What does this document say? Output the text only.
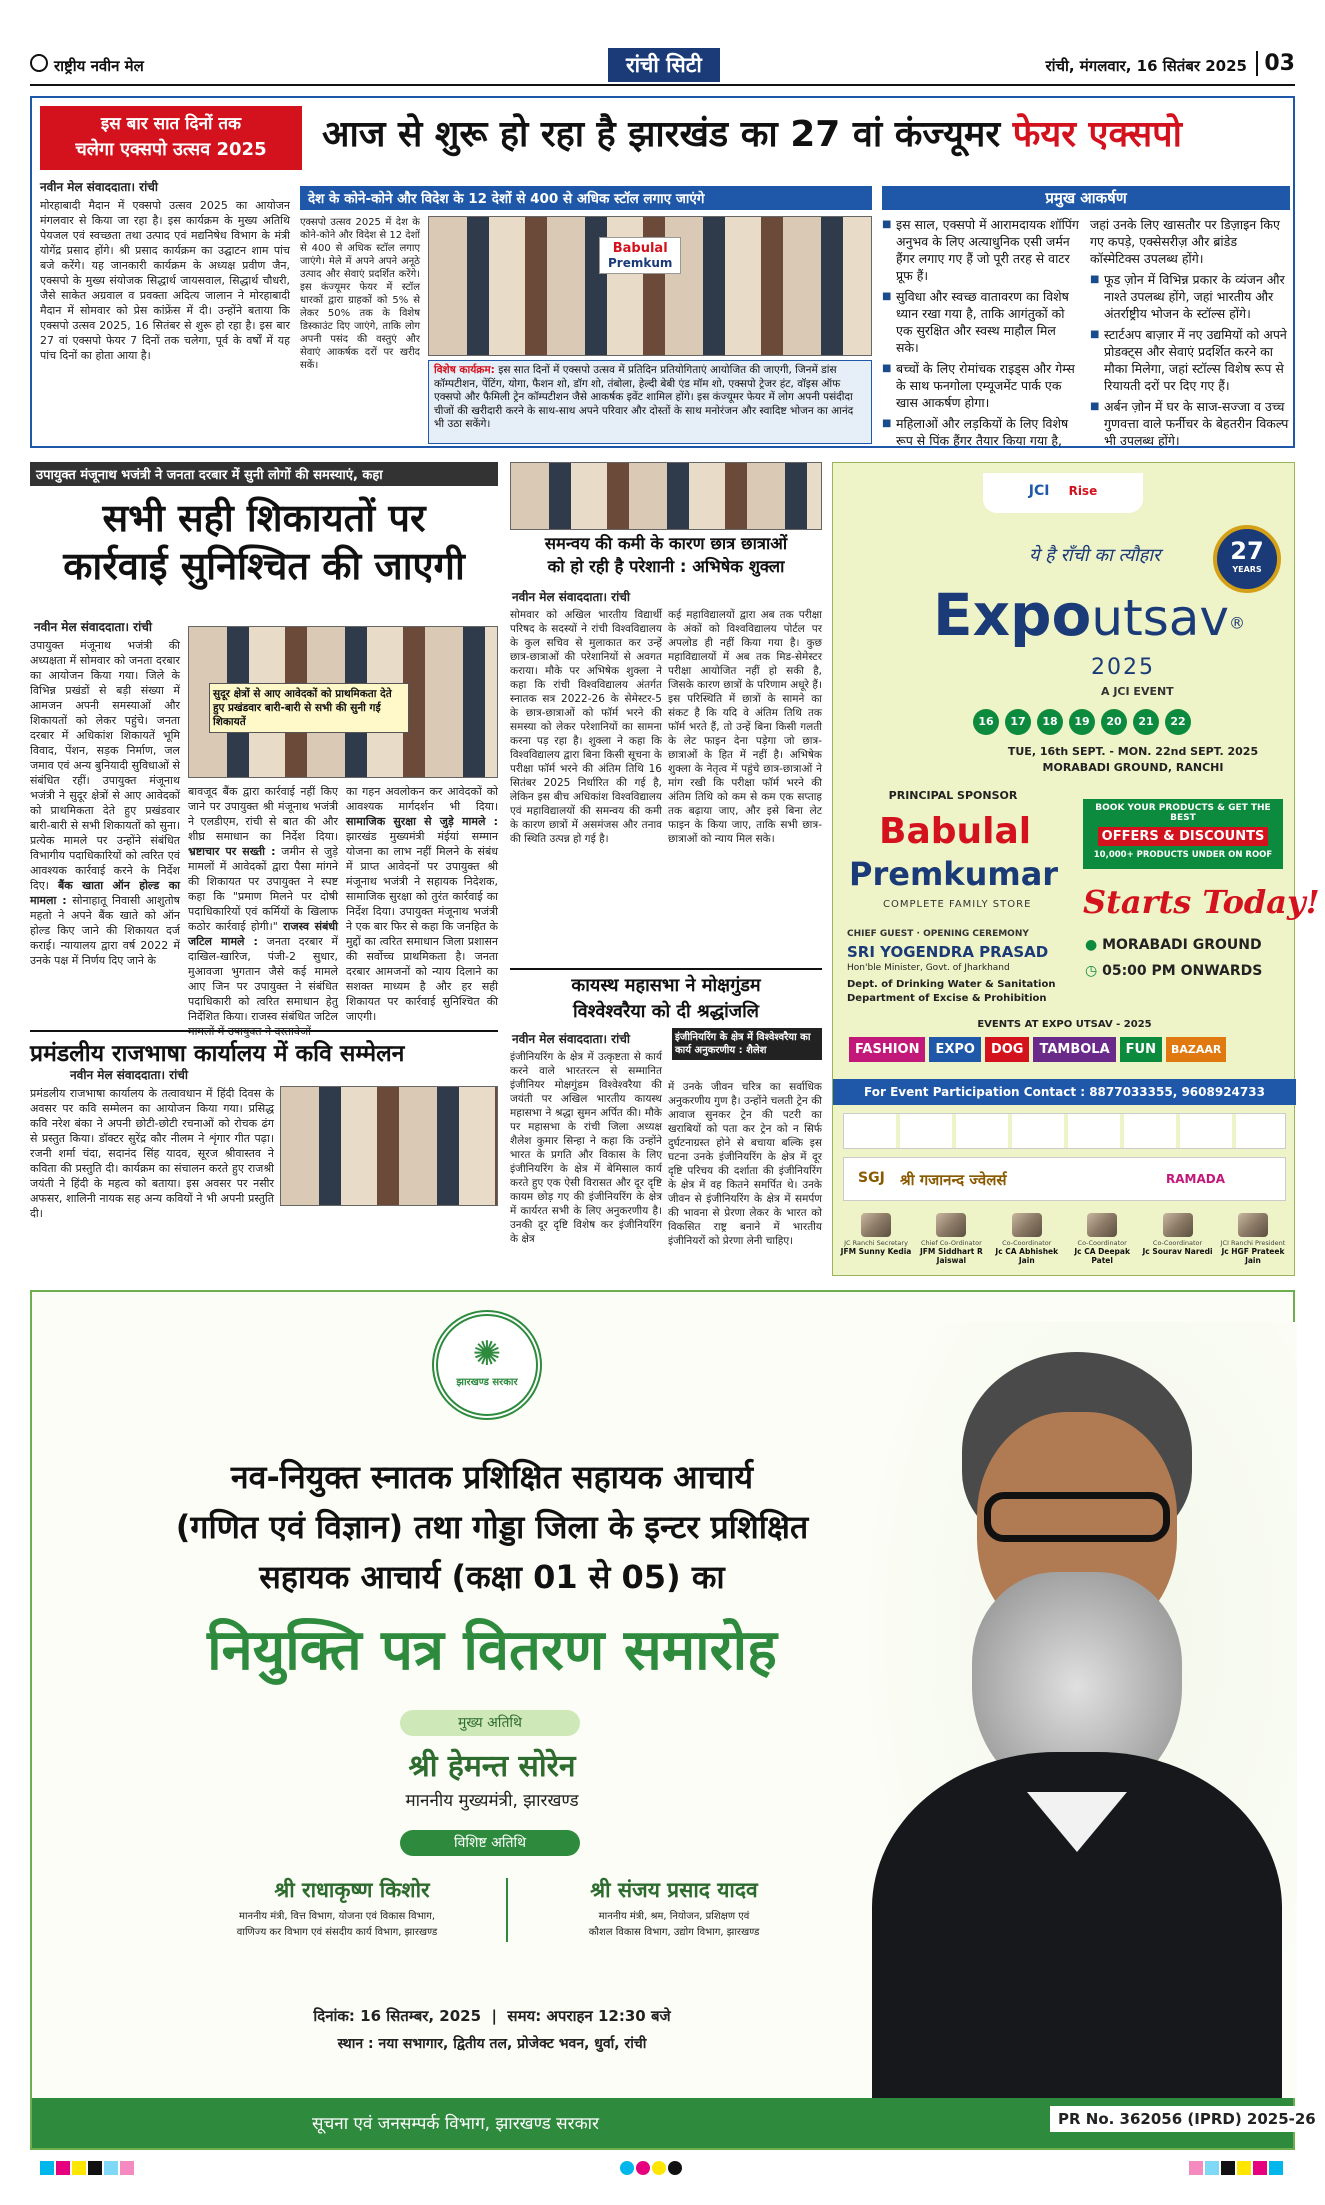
राष्ट्रीय नवीन मेल	रांची सिटी	रांची, मंगलवार, 16 सितंबर 2025 03
इस बार सात दिनों तक
चलेगा एक्सपो उत्सव 2025	आज से शुरू हो रहा है झारखंड का 27 वां कंज्यूमर फेयर एक्सपो
नवीन मेल संवाददाता। रांची
मोरहाबादी मैदान में एक्सपो उत्सव 2025 का आयोजन मंगलवार से किया जा रहा है। इस कार्यक्रम के मुख्य अतिथि पेयजल एवं स्वच्छता तथा उत्पाद एवं मद्यनिषेध विभाग के मंत्री योगेंद्र प्रसाद होंगे। श्री प्रसाद कार्यक्रम का उद्घाटन शाम पांच बजे करेंगे। यह जानकारी कार्यक्रम के अध्यक्ष प्रवीण जैन, एक्सपो के मुख्य संयोजक सिद्धार्थ जायसवाल, सिद्धार्थ चौधरी, जैसे साकेत अग्रवाल व प्रवक्ता अदित्य जालान ने मोरहाबादी मैदान में सोमवार को प्रेस कांफ्रेंस में दी। उन्होंने बताया कि एक्सपो उत्सव 2025, 16 सितंबर से शुरू हो रहा है। इस बार 27 वां एक्सपो फेयर 7 दिनों तक चलेगा, पूर्व के वर्षों में यह पांच दिनों का होता आया है।
देश के कोने-कोने और विदेश के 12 देशों से 400 से अधिक स्टॉल लगाए जाएंगे
एक्सपो उत्सव 2025 में देश के कोने-कोने और विदेश से 12 देशों से 400 से अधिक स्टॉल लगाए जाएंगे। मेले में अपने अपने अनूठे उत्पाद और सेवाएं प्रदर्शित करेंगे। इस कंज्यूमर फेयर में स्टॉल धारकों द्वारा ग्राहकों को 5% से लेकर 50% तक के विशेष डिस्काउंट दिए जाएंगे, ताकि लोग अपनी पसंद की वस्तुएं और सेवाएं आकर्षक दरों पर खरीद सकें।
Babulal
Premkum
विशेष कार्यक्रम: इस सात दिनों में एक्सपो उत्सव में प्रतिदिन प्रतियोगिताएं आयोजित की जाएगी, जिनमें डांस कॉम्पटीशन, पेंटिंग, योगा, फैशन शो, डॉग शो, तंबोला, हेल्दी बेबी एंड मॉम शो, एक्सपो ट्रेजर हंट, वॉइस ऑफ एक्सपो और फैमिली ट्रेन कॉम्पटीशन जैसे आकर्षक इवेंट शामिल होंगे। इस कंज्यूमर फेयर में लोग अपनी पसंदीदा चीजों की खरीदारी करने के साथ-साथ अपने परिवार और दोस्तों के साथ मनोरंजन और स्वादिष्ट भोजन का आनंद भी उठा सकेंगे।
प्रमुख आकर्षण
■ इस साल, एक्सपो में आरामदायक शॉपिंग अनुभव के लिए अत्याधुनिक एसी जर्मन हैंगर लगाए गए हैं जो पूरी तरह से वाटर प्रूफ हैं।
■ सुविधा और स्वच्छ वातावरण का विशेष ध्यान रखा गया है, ताकि आगंतुकों को एक सुरक्षित और स्वस्थ माहौल मिल सके।
■ बच्चों के लिए रोमांचक राइड्स और गेम्स के साथ फनगोला एम्यूजमेंट पार्क एक खास आकर्षण होगा।
■ महिलाओं और लड़कियों के लिए विशेष रूप से पिंक हैंगर तैयार किया गया है,
जहां उनके लिए खासतौर पर डिज़ाइन किए गए कपड़े, एक्सेसरीज़ और ब्रांडेड कॉस्मेटिक्स उपलब्ध होंगे।
■ फूड ज़ोन में विभिन्न प्रकार के व्यंजन और नाश्ते उपलब्ध होंगे, जहां भारतीय और अंतर्राष्ट्रीय भोजन के स्टॉल्स होंगे।
■ स्टार्टअप बाज़ार में नए उद्यमियों को अपने प्रोडक्ट्स और सेवाएं प्रदर्शित करने का मौका मिलेगा, जहां स्टॉल्स विशेष रूप से रियायती दरों पर दिए गए हैं।
■ अर्बन ज़ोन में घर के साज-सज्जा व उच्च गुणवत्ता वाले फर्नीचर के बेहतरीन विकल्प भी उपलब्ध होंगे।
उपायुक्त मंजूनाथ भजंत्री ने जनता दरबार में सुनी लोगों की समस्याएं, कहा
सभी सही शिकायतों पर
कार्रवाई सुनिश्चित की जाएगी
नवीन मेल संवाददाता। रांची
उपायुक्त मंजूनाथ भजंत्री की अध्यक्षता में सोमवार को जनता दरबार का आयोजन किया गया। जिले के विभिन्न प्रखंडों से बड़ी संख्या में आमजन अपनी समस्याओं और शिकायतों को लेकर पहुंचे। जनता दरबार में अधिकांश शिकायतें भूमि विवाद, पेंशन, सड़क निर्माण, जल जमाव एवं अन्य बुनियादी सुविधाओं से संबंधित रहीं। उपायुक्त मंजूनाथ भजंत्री ने सुदूर क्षेत्रों से आए आवेदकों को प्राथमिकता देते हुए प्रखंडवार बारी-बारी से सभी शिकायतों को सुना। प्रत्येक मामले पर उन्होंने संबंधित विभागीय पदाधिकारियों को त्वरित एवं आवश्यक कार्रवाई करने के निर्देश दिए। बैंक खाता ऑन होल्ड का मामला : सोनाहातू निवासी आशुतोष महतो ने अपने बैंक खाते को ऑन होल्ड किए जाने की शिकायत दर्ज कराई। न्यायालय द्वारा वर्ष 2022 में उनके पक्ष में निर्णय दिए जाने के
सुदूर क्षेत्रों से आए आवेदकों को प्राथमिकता देते हुए प्रखंडवार बारी-बारी से सभी की सुनी गई शिकायतें
बावजूद बैंक द्वारा कार्रवाई नहीं किए जाने पर उपायुक्त श्री मंजूनाथ भजंत्री ने एलडीएम, रांची से बात की और शीघ्र समाधान का निर्देश दिया। भ्रष्टाचार पर सख्ती : जमीन से जुड़े मामलों में आवेदकों द्वारा पैसा मांगने की शिकायत पर उपायुक्त ने स्पष्ट कहा कि "प्रमाण मिलने पर दोषी पदाधिकारियों एवं कर्मियों के खिलाफ कठोर कार्रवाई होगी।" राजस्व संबंधी जटिल मामले : जनता दरबार में दाखिल-खारिज, पंजी-2 सुधार, मुआवजा भुगतान जैसे कई मामले आए जिन पर उपायुक्त ने संबंधित पदाधिकारी को त्वरित समाधान हेतु निर्देशित किया। राजस्व संबंधित जटिल मामलों में उपायुक्त ने दस्तावेजों
का गहन अवलोकन कर आवेदकों को आवश्यक मार्गदर्शन भी दिया। सामाजिक सुरक्षा से जुड़े मामले : झारखंड मुख्यमंत्री मंईयां सम्मान योजना का लाभ नहीं मिलने के संबंध में प्राप्त आवेदनों पर उपायुक्त श्री मंजूनाथ भजंत्री ने सहायक निदेशक, सामाजिक सुरक्षा को तुरंत कार्रवाई का निर्देश दिया। उपायुक्त मंजूनाथ भजंत्री ने एक बार फिर से कहा कि जनहित के मुद्दों का त्वरित समाधान जिला प्रशासन की सर्वोच्च प्राथमिकता है। जनता दरबार आमजनों को न्याय दिलाने का सशक्त माध्यम है और हर सही शिकायत पर कार्रवाई सुनिश्चित की जाएगी।
प्रमंडलीय राजभाषा कार्यालय में कवि सम्मेलन
नवीन मेल संवाददाता। रांची
प्रमंडलीय राजभाषा कार्यालय के तत्वावधान में हिंदी दिवस के अवसर पर कवि सम्मेलन का आयोजन किया गया। प्रसिद्ध कवि नरेश बंका ने अपनी छोटी-छोटी रचनाओं को रोचक ढंग से प्रस्तुत किया। डॉक्टर सुरेंद्र कौर नीलम ने शृंगार गीत पढ़ा। रजनी शर्मा चंदा, सदानंद सिंह यादव, सूरज श्रीवास्तव ने कविता की प्रस्तुति दी। कार्यक्रम का संचालन करते हुए राजश्री जयंती ने हिंदी के महत्व को बताया। इस अवसर पर नसीर अफसर, शालिनी नायक सह अन्य कवियों ने भी अपनी प्रस्तुति दी।
समन्वय की कमी के कारण छात्र छात्राओं
को हो रही है परेशानी : अभिषेक शुक्ला
नवीन मेल संवाददाता। रांची
सोमवार को अखिल भारतीय विद्यार्थी परिषद के सदस्यों ने रांची विश्वविद्यालय के कुल सचिव से मुलाकात कर उन्हें छात्र-छात्राओं की परेशानियों से अवगत कराया। मौके पर अभिषेक शुक्ला ने कहा कि रांची विश्वविद्यालय अंतर्गत स्नातक सत्र 2022-26 के सेमेस्टर-5 के छात्र-छात्राओं को फॉर्म भरने की समस्या को लेकर परेशानियों का सामना करना पड़ रहा है। शुक्ला ने कहा कि विश्वविद्यालय द्वारा बिना किसी सूचना के परीक्षा फॉर्म भरने की अंतिम तिथि 16 सितंबर 2025 निर्धारित की गई है, लेकिन इस बीच अधिकांश विश्वविद्यालय एवं महाविद्यालयों की समन्वय की कमी के कारण छात्रों में असमंजस और तनाव की स्थिति उत्पन्न हो गई है।
कई महाविद्यालयों द्वारा अब तक परीक्षा के अंकों को विश्वविद्यालय पोर्टल पर अपलोड ही नहीं किया गया है। कुछ महाविद्यालयों में अब तक मिड-सेमेस्टर परीक्षा आयोजित नहीं हो सकी है, जिसके कारण छात्रों के परिणाम अधूरे हैं। इस परिस्थिति में छात्रों के सामने का संकट है कि यदि वे अंतिम तिथि तक फॉर्म भरते हैं, तो उन्हें बिना किसी गलती के लेट फाइन देना पड़ेगा जो छात्र-छात्राओं के हित में नहीं है। अभिषेक शुक्ला के नेतृत्व में पहुंचे छात्र-छात्राओं ने मांग रखी कि परीक्षा फॉर्म भरने की अंतिम तिथि को कम से कम एक सप्ताह तक बढ़ाया जाए, और इसे बिना लेट फाइन के किया जाए, ताकि सभी छात्र-छात्राओं को न्याय मिल सके।
कायस्थ महासभा ने मोक्षगुंडम
विश्वेश्वरैया को दी श्रद्धांजलि
नवीन मेल संवाददाता। रांची	इंजीनियरिंग के क्षेत्र में विश्वेश्वरैया का कार्य अनुकरणीय : शैलेश
इंजीनियरिंग के क्षेत्र में उत्कृष्टता से कार्य करने वाले भारतरत्न से सम्मानित इंजीनियर मोक्षगुंडम विश्वेश्वरैया की जयंती पर अखिल भारतीय कायस्थ महासभा ने श्रद्धा सुमन अर्पित की। मौके पर महासभा के रांची जिला अध्यक्ष शैलेश कुमार सिन्हा ने कहा कि उन्होंने भारत के प्रगति और विकास के लिए इंजीनियरिंग के क्षेत्र में बेमिसाल कार्य करते हुए एक ऐसी विरासत और दूर दृष्टि कायम छोड़ गए की इंजीनियरिंग के क्षेत्र में कार्यरत सभी के लिए अनुकरणीय है। उनकी दूर दृष्टि विशेष कर इंजीनियरिंग के क्षेत्र
में उनके जीवन चरित्र का सर्वाधिक अनुकरणीय गुण है। उन्होंने चलती ट्रेन की आवाज सुनकर ट्रेन की पटरी का खराबियों को पता कर ट्रेन को न सिर्फ दुर्घटनाग्रस्त होने से बचाया बल्कि इस घटना उनके इंजीनियरिंग के क्षेत्र में दूर दृष्टि परिचय की दर्शाता की इंजीनियरिंग के क्षेत्र में वह कितने समर्पित थे। उनके जीवन से इंजीनियरिंग के क्षेत्र में समर्पण की भावना से प्रेरणा लेकर के भारत को विकसित राष्ट्र बनाने में भारतीय इंजीनियरों को प्रेरणा लेनी चाहिए।
JCI Rise
ये है राँची का त्यौहार	27
YEARS
Expoutsav®
2025
A JCI EVENT
16 17 18 19 20 21 22
TUE, 16th SEPT. - MON. 22nd SEPT. 2025
MORABADI GROUND, RANCHI
PRINCIPAL SPONSOR
Babulal
Premkumar
COMPLETE FAMILY STORE
BOOK YOUR PRODUCTS & GET THE BEST
OFFERS & DISCOUNTS
10,000+ PRODUCTS UNDER ON ROOF
Starts Today!
● MORABADI GROUND
◷ 05:00 PM ONWARDS
CHIEF GUEST · OPENING CEREMONY
SRI YOGENDRA PRASAD
Hon'ble Minister, Govt. of Jharkhand
Dept. of Drinking Water & Sanitation
Department of Excise & Prohibition
EVENTS AT EXPO UTSAV - 2025
FASHION EXPO DOG TAMBOLA FUN BAZAAR
For Event Participation Contact : 8877033355, 9608924733
SGJ श्री गजानन्द ज्वेलर्स	RAMADA
JC Ranchi Secretary
JFM Sunny Kedia
Chief Co-Ordinator
JFM Siddhart R Jaiswal
Co-Coordinator
Jc CA Abhishek Jain
Co-Coordinator
Jc CA Deepak Patel
Co-Coordinator
Jc Sourav Naredi
JCI Ranchi President
Jc HGF Prateek Jain
✺
झारखण्ड सरकार
नव-नियुक्त स्नातक प्रशिक्षित सहायक आचार्य
(गणित एवं विज्ञान) तथा गोड्डा जिला के इन्टर प्रशिक्षित
सहायक आचार्य (कक्षा 01 से 05) का
नियुक्ति पत्र वितरण समारोह
मुख्य अतिथि
श्री हेमन्त सोरेन
माननीय मुख्यमंत्री, झारखण्ड
विशिष्ट अतिथि
श्री राधाकृष्ण किशोर
माननीय मंत्री, वित्त विभाग, योजना एवं विकास विभाग,
वाणिज्य कर विभाग एवं संसदीय कार्य विभाग, झारखण्ड
श्री संजय प्रसाद यादव
माननीय मंत्री, श्रम, नियोजन, प्रशिक्षण एवं
कौशल विकास विभाग, उद्योग विभाग, झारखण्ड
दिनांक: 16 सितम्बर, 2025  |  समय: अपराहन 12:30 बजे
स्थान : नया सभागार, द्वितीय तल, प्रोजेक्ट भवन, धुर्वा, रांची
सूचना एवं जनसम्पर्क विभाग, झारखण्ड सरकार	PR No. 362056 (IPRD) 2025-26
